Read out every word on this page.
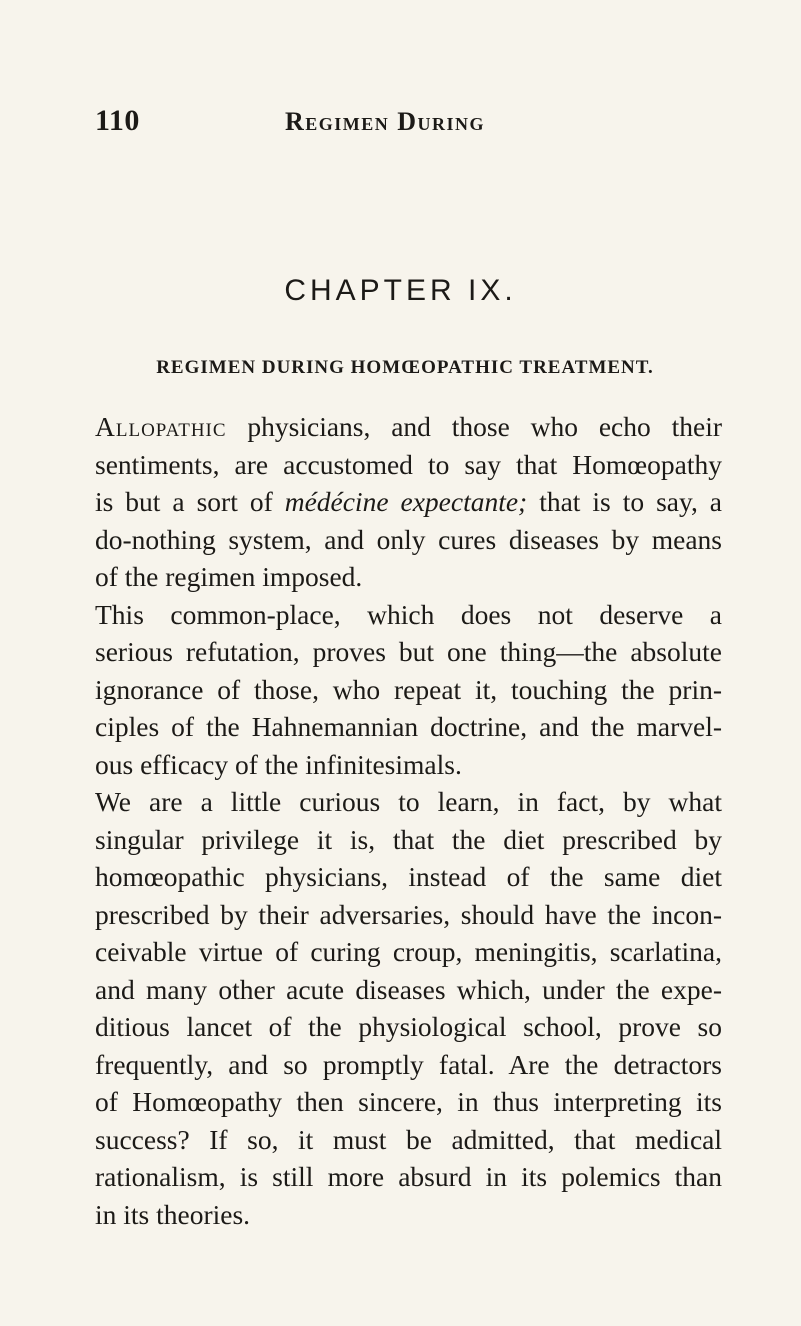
110	Regimen During
CHAPTER IX.
REGIMEN DURING HOMŒOPATHIC TREATMENT.
Allopathic physicians, and those who echo their
sentiments, are accustomed to say that Homœopathy
is but a sort of médécine expectante; that is to say, a
do-nothing system, and only cures diseases by means
of the regimen imposed.
This common-place, which does not deserve a
serious refutation, proves but one thing—the absolute
ignorance of those, who repeat it, touching the prin-
ciples of the Hahnemannian doctrine, and the marvel-
ous efficacy of the infinitesimals.
We are a little curious to learn, in fact, by what
singular privilege it is, that the diet prescribed by
homœopathic physicians, instead of the same diet
prescribed by their adversaries, should have the incon-
ceivable virtue of curing croup, meningitis, scarlatina,
and many other acute diseases which, under the expe-
ditious lancet of the physiological school, prove so
frequently, and so promptly fatal. Are the detractors
of Homœopathy then sincere, in thus interpreting its
success? If so, it must be admitted, that medical
rationalism, is still more absurd in its polemics than
in its theories.
